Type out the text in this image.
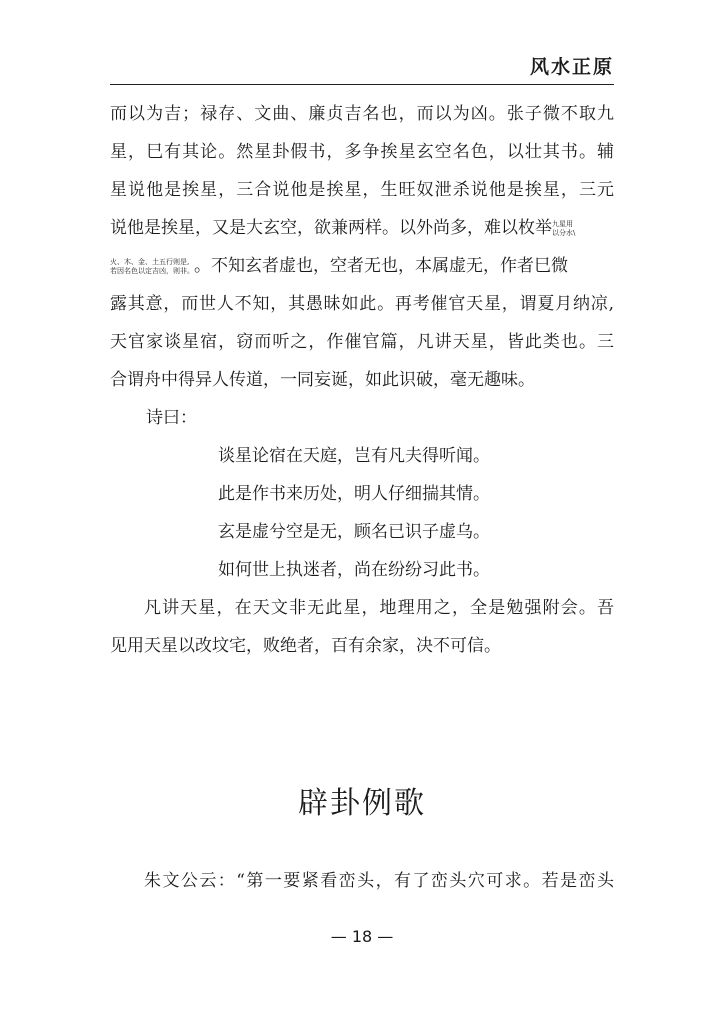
风水正原
而以为吉；禄存、文曲、廉贞吉名也，而以为凶。张子微不取九
星，巳有其论。然星卦假书，多争挨星玄空名色，以壮其书。辅
星说他是挨星，三合说他是挨星，生旺奴泄杀说他是挨星，三元
说他是挨星，又是大玄空，欲兼两样。以外尚多，难以枚举 九星用
以分水\
火、木、金、土五行则是,
若因名色以定吉凶，则非。 。不知玄者虚也，空者无也，本属虚无，作者巳微
露其意，而世人不知，其愚昧如此。再考催官天星，谓夏月纳凉,
天官家谈星宿，窃而听之，作催官篇，凡讲天星，皆此类也。三
合谓舟中得异人传道，一同妄诞，如此识破，毫无趣味。
诗曰：
谈星论宿在天庭，岂有凡夫得听闻。
此是作书来历处，明人仔细揣其情。
玄是虚兮空是无，顾名已识子虚乌。
如何世上执迷者，尚在纷纷习此书。
凡讲天星，在天文非无此星，地理用之，全是勉强附会。吾
见用天星以改坟宅，败绝者，百有余家，决不可信。
辟卦例歌
朱文公云：“第一要紧看峦头，有了峦头穴可求。若是峦头
— 18 —
